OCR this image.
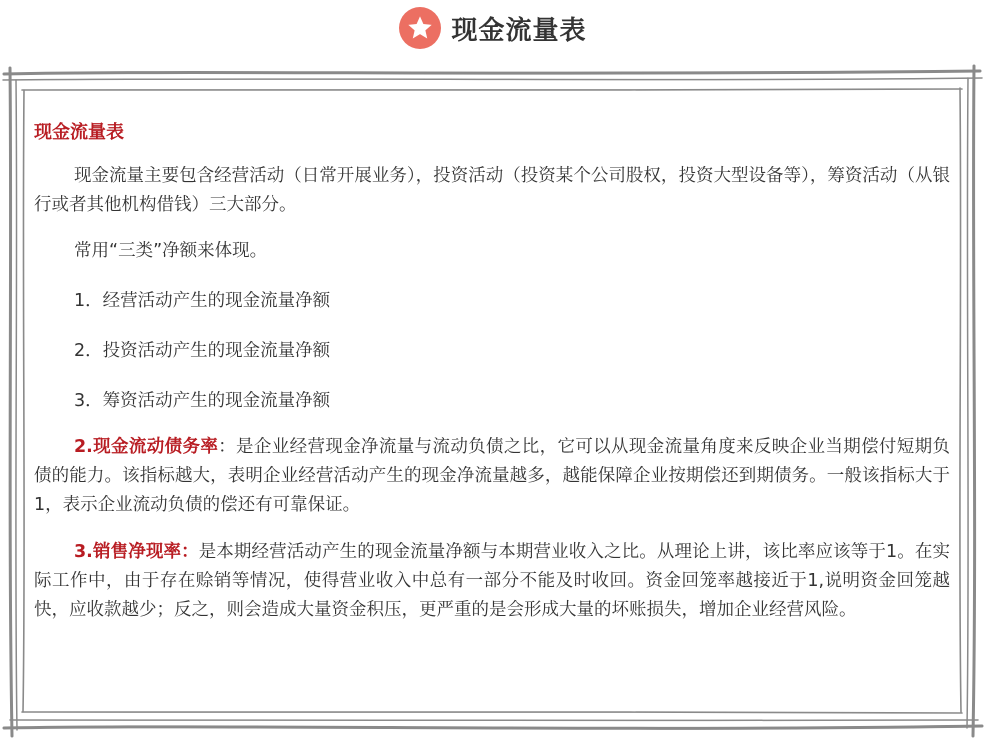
现金流量表
现金流量表

现金流量主要包含经营活动（日常开展业务），投资活动（投资某个公司股权，投资大型设备等），筹资活动（从银行或者其他机构借钱）三大部分。

常用“三类”净额来体现。

1．经营活动产生的现金流量净额
2．投资活动产生的现金流量净额
3．筹资活动产生的现金流量净额

2.现金流动债务率：是企业经营现金净流量与流动负债之比，它可以从现金流量角度来反映企业当期偿付短期负债的能力。该指标越大，表明企业经营活动产生的现金净流量越多，越能保障企业按期偿还到期债务。一般该指标大于1，表示企业流动负债的偿还有可靠保证。

3.销售净现率：是本期经营活动产生的现金流量净额与本期营业收入之比。从理论上讲，该比率应该等于1。在实际工作中，由于存在赊销等情况，使得营业收入中总有一部分不能及时收回。资金回笼率越接近于1,说明资金回笼越快，应收款越少；反之，则会造成大量资金积压，更严重的是会形成大量的坏账损失，增加企业经营风险。
